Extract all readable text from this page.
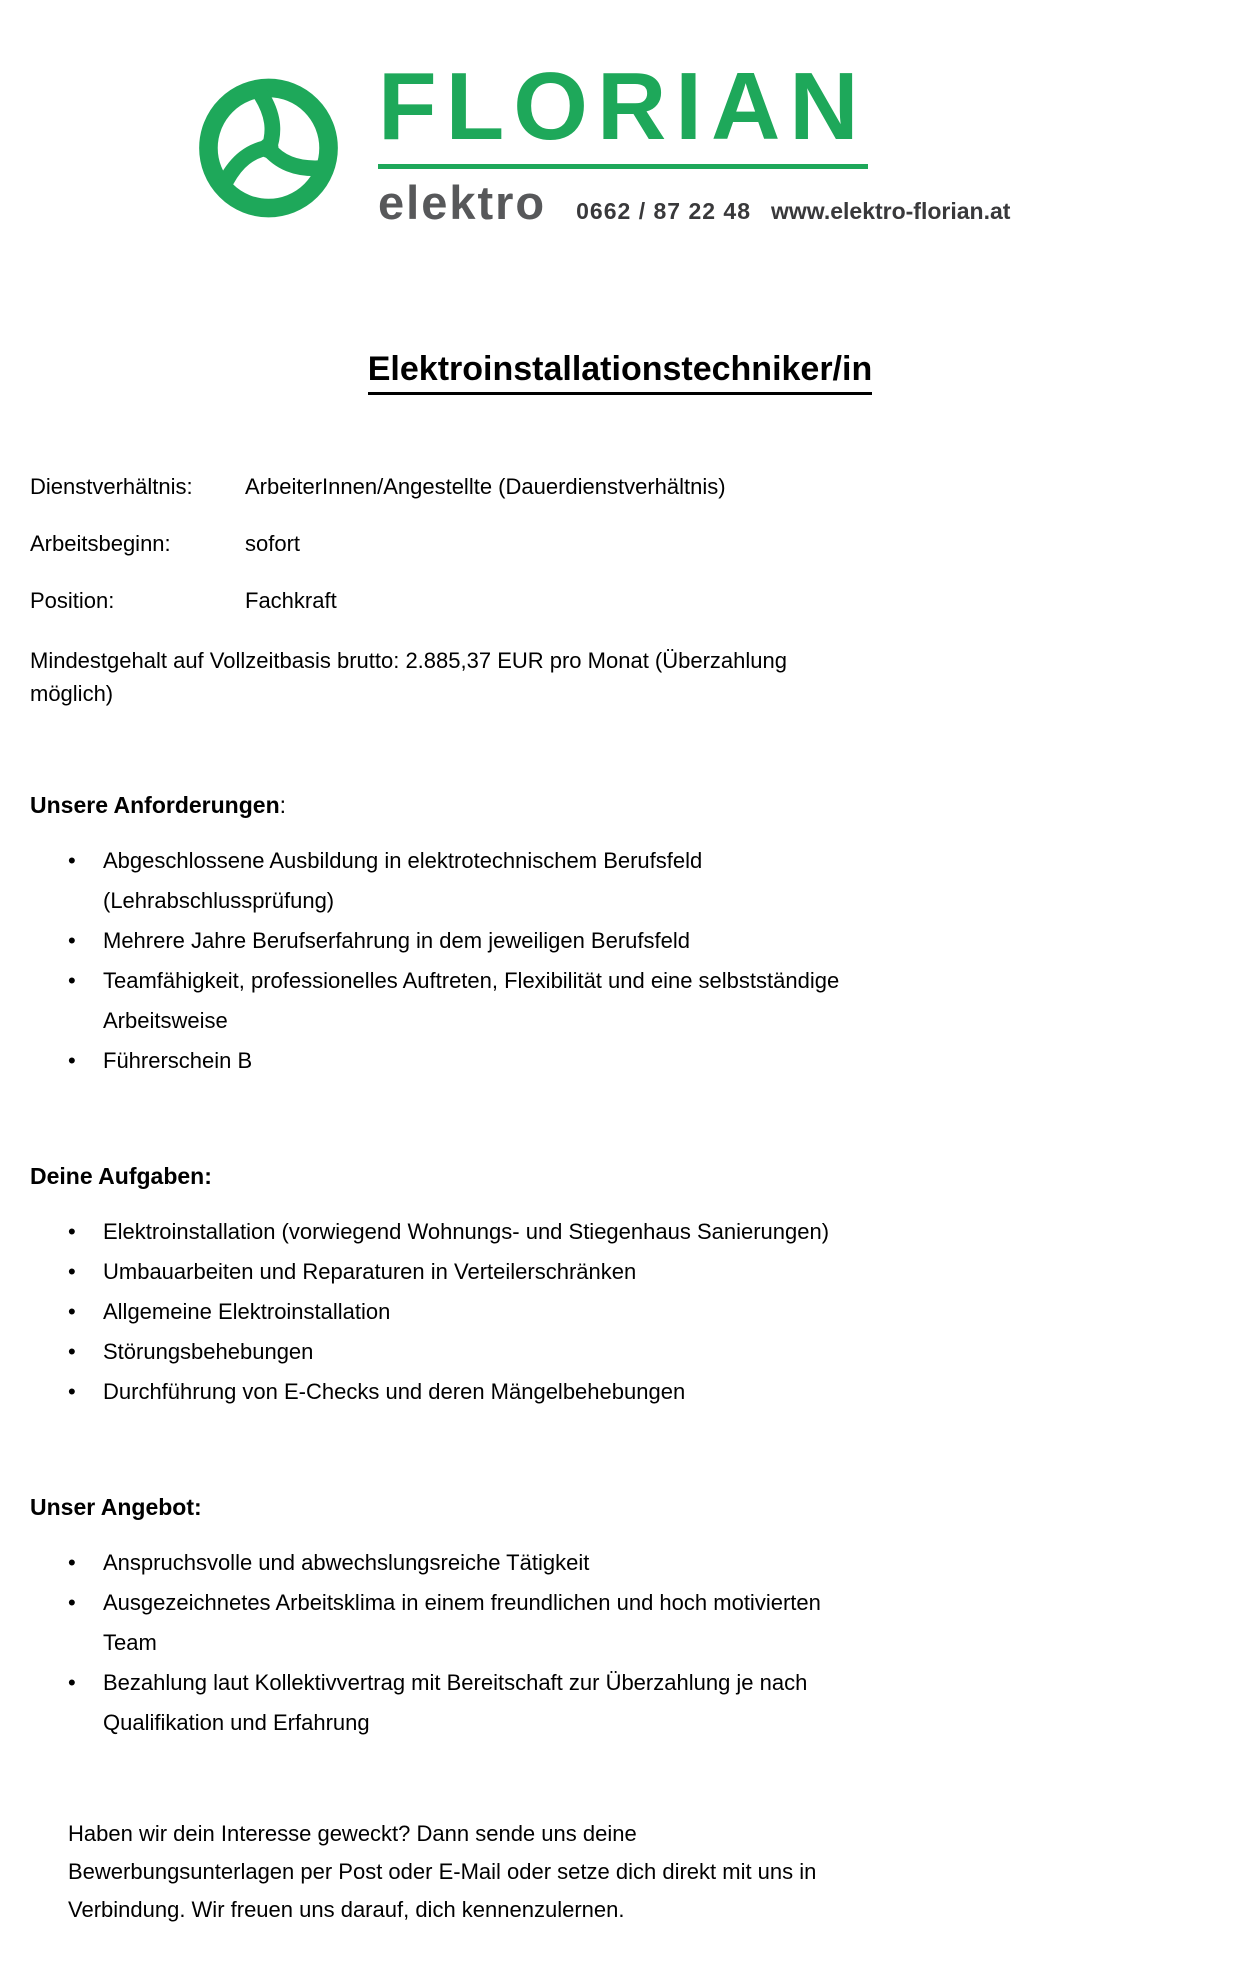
FLORIAN
elektro 0662 / 87 22 48 www.elektro-florian.at
Elektroinstallationstechniker/in
Dienstverhältnis:	ArbeiterInnen/Angestellte (Dauerdienstverhältnis)
Arbeitsbeginn:	sofort
Position:	Fachkraft
Mindestgehalt auf Vollzeitbasis brutto: 2.885,37 EUR pro Monat (Überzahlung
möglich)
Unsere Anforderungen:
•	Abgeschlossene Ausbildung in elektrotechnischem Berufsfeld
(Lehrabschlussprüfung)
•	Mehrere Jahre Berufserfahrung in dem jeweiligen Berufsfeld
•	Teamfähigkeit, professionelles Auftreten, Flexibilität und eine selbstständige
Arbeitsweise
•	Führerschein B
Deine Aufgaben:
•	Elektroinstallation (vorwiegend Wohnungs- und Stiegenhaus Sanierungen)
•	Umbauarbeiten und Reparaturen in Verteilerschränken
•	Allgemeine Elektroinstallation
•	Störungsbehebungen
•	Durchführung von E-Checks und deren Mängelbehebungen
Unser Angebot:
•	Anspruchsvolle und abwechslungsreiche Tätigkeit
•	Ausgezeichnetes Arbeitsklima in einem freundlichen und hoch motivierten
Team
•	Bezahlung laut Kollektivvertrag mit Bereitschaft zur Überzahlung je nach
Qualifikation und Erfahrung
Haben wir dein Interesse geweckt? Dann sende uns deine
Bewerbungsunterlagen per Post oder E-Mail oder setze dich direkt mit uns in
Verbindung. Wir freuen uns darauf, dich kennenzulernen.
